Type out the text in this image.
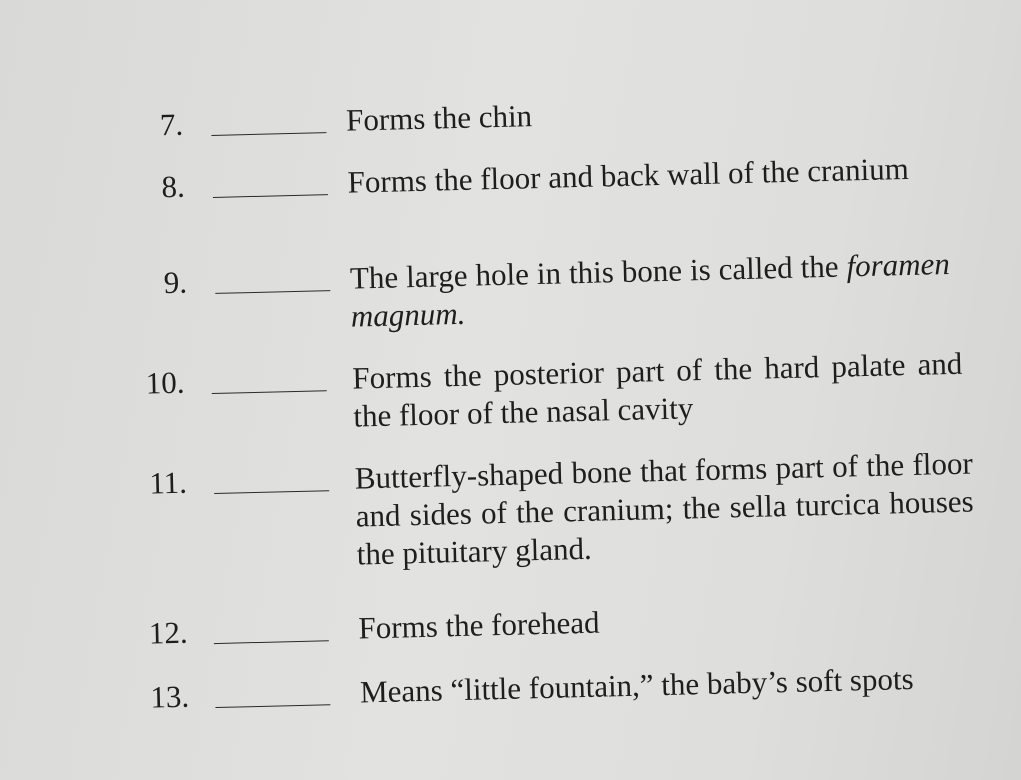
7.	Forms the chin
8.	Forms the floor and back wall of the cranium
9.	The large hole in this bone is called the foramen magnum.
10.	Forms the posterior part of the hard palate and the floor of the nasal cavity
11.	Butterfly-shaped bone that forms part of the floor and sides of the cranium; the sella turcica houses the pituitary gland.
12.	Forms the forehead
13.	Means “little fountain,” the baby’s soft spots
